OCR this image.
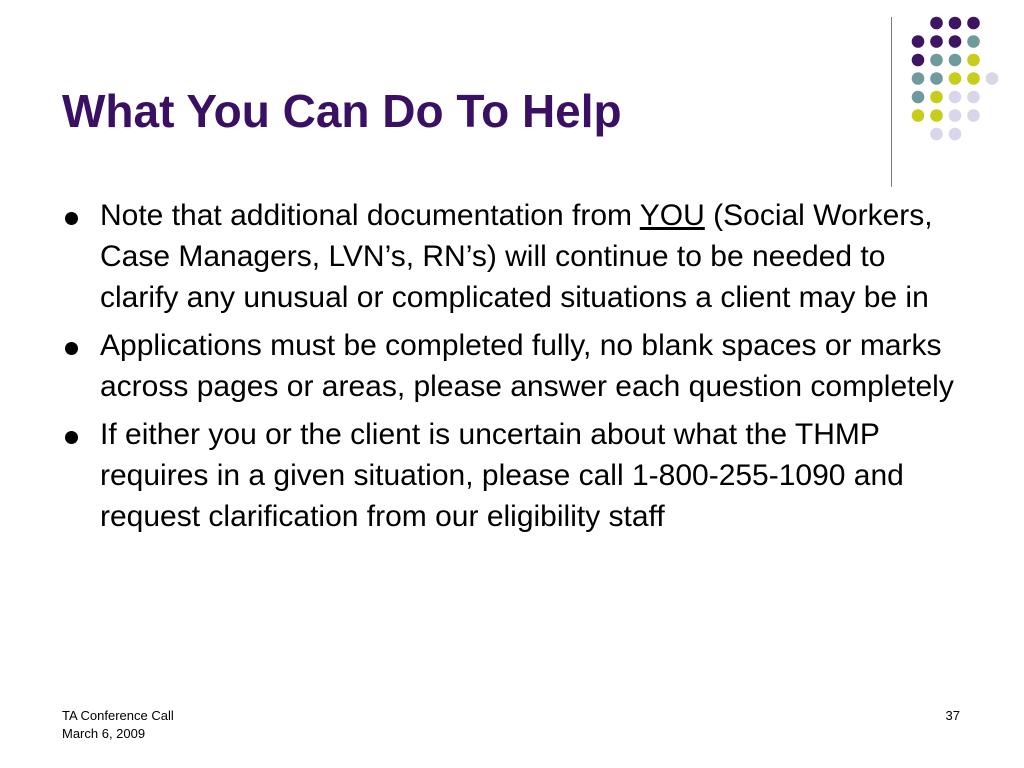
What You Can Do To Help
Note that additional documentation from YOU (Social Workers, Case Managers, LVN’s, RN’s) will continue to be needed to clarify any unusual or complicated situations a client may be in
Applications must be completed fully, no blank spaces or marks across pages or areas, please answer each question completely
If either you or the client is uncertain about what the THMP requires in a given situation, please call 1-800-255-1090 and request clarification from our eligibility staff
TA Conference Call
March 6, 2009
37
